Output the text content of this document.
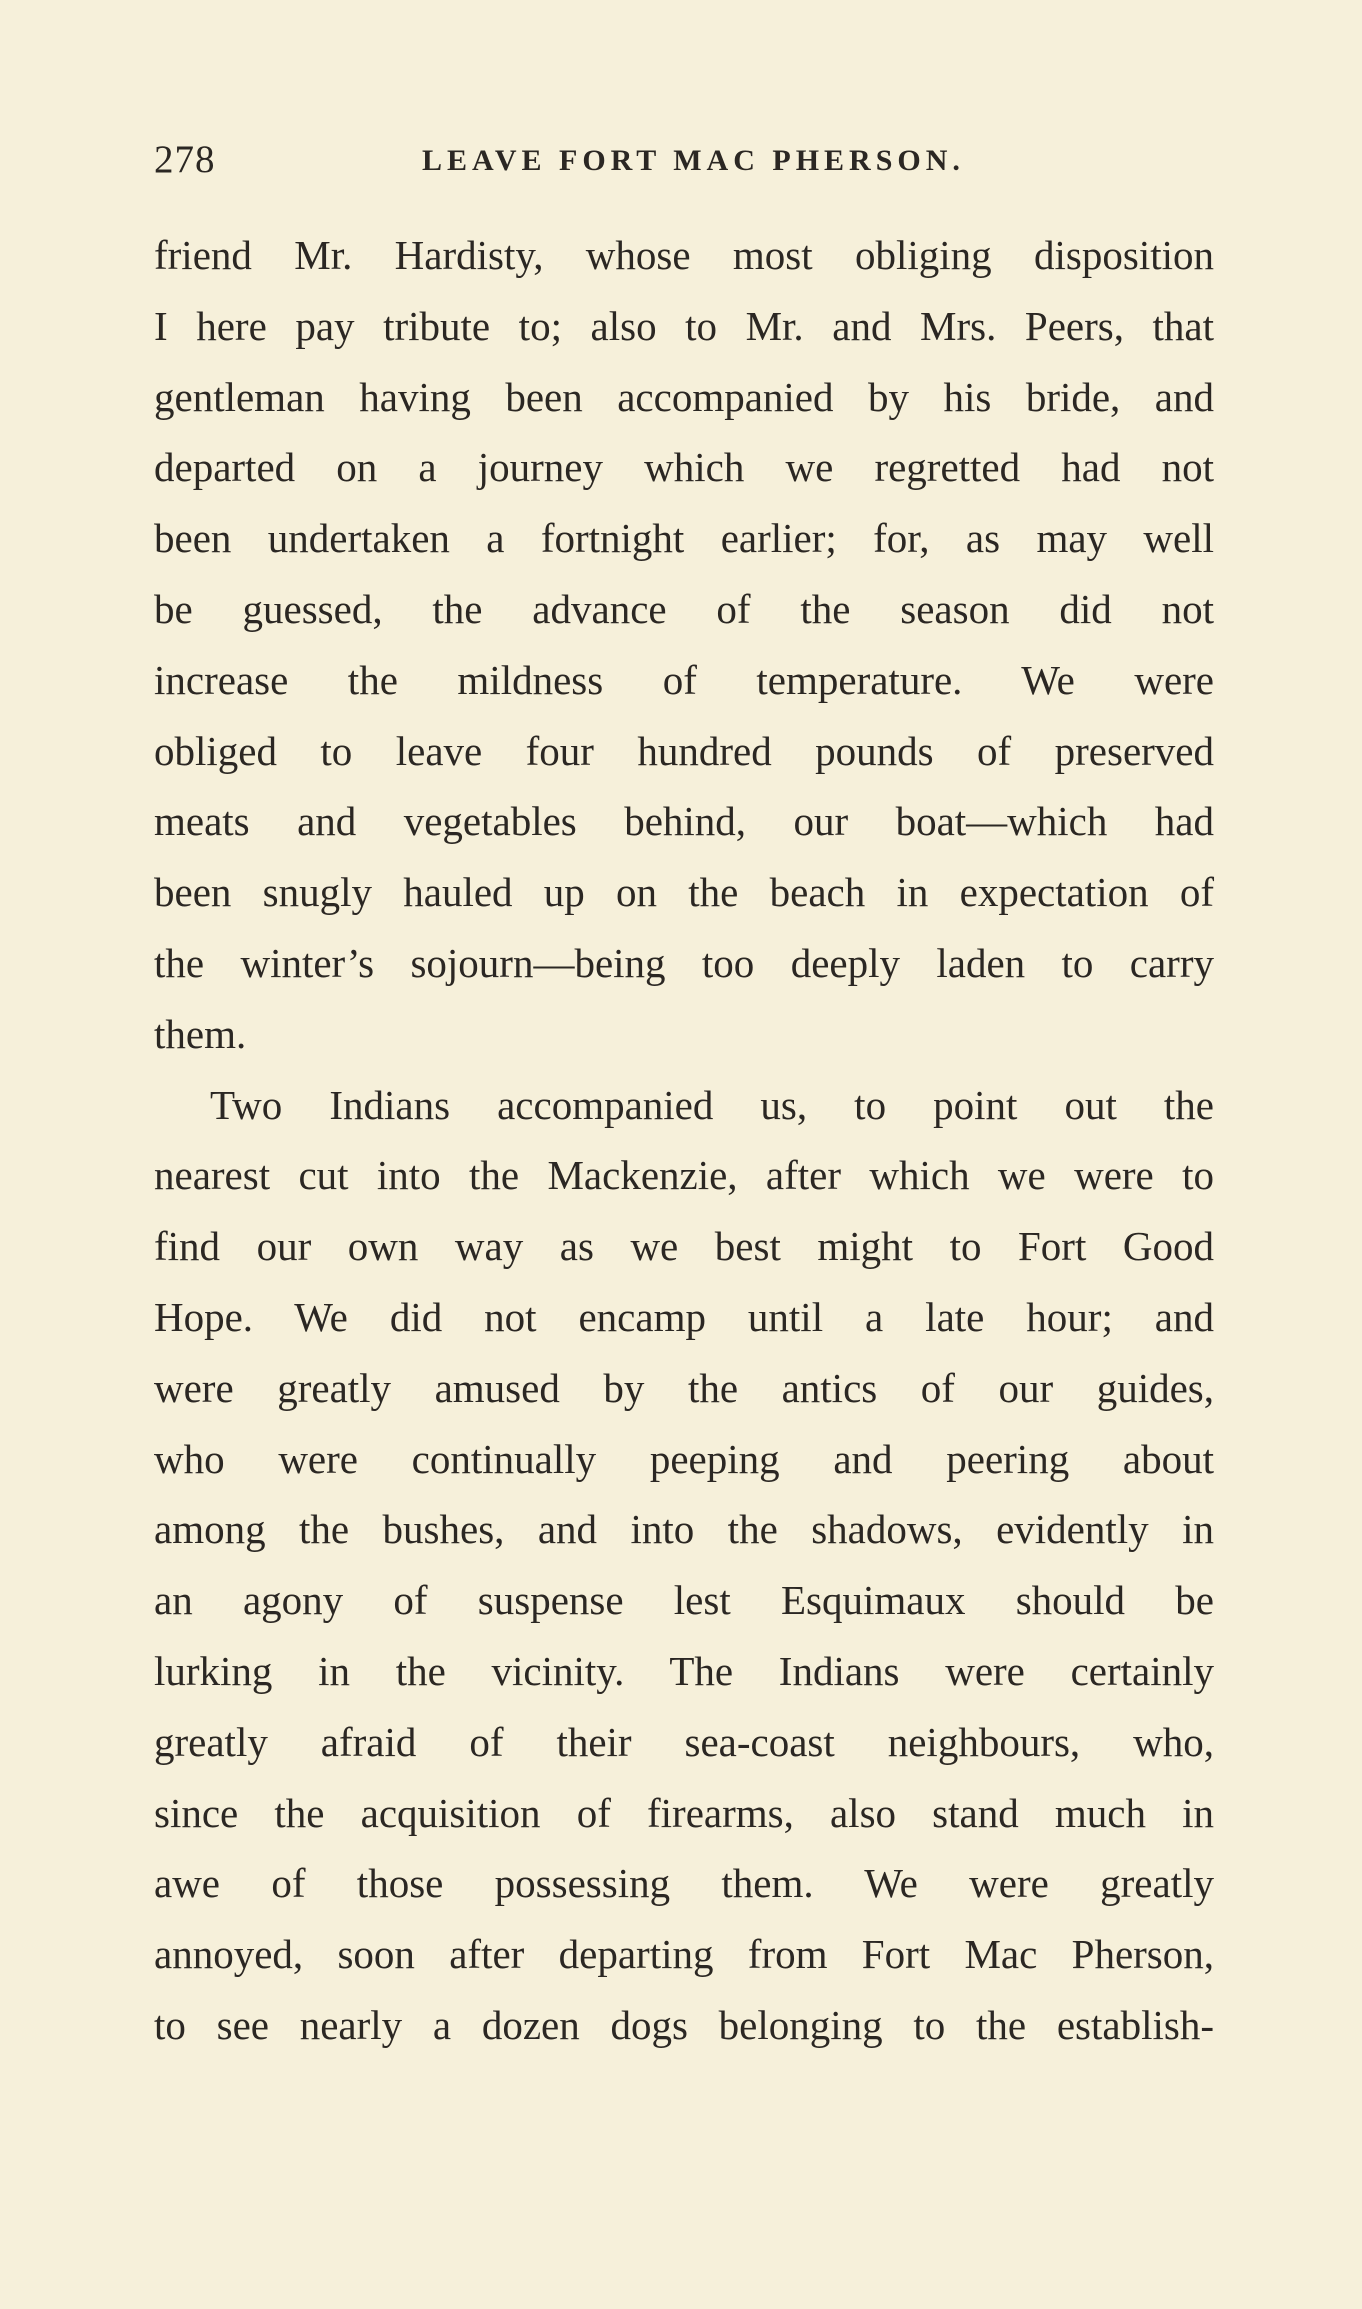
278	LEAVE FORT MAC PHERSON.
friend Mr. Hardisty, whose most obliging disposition
I here pay tribute to; also to Mr. and Mrs. Peers, that
gentleman having been accompanied by his bride, and
departed on a journey which we regretted had not
been undertaken a fortnight earlier; for, as may well
be guessed, the advance of the season did not
increase the mildness of temperature. We were
obliged to leave four hundred pounds of preserved
meats and vegetables behind, our boat—which had
been snugly hauled up on the beach in expectation of
the winter’s sojourn—being too deeply laden to carry
them.
Two Indians accompanied us, to point out the
nearest cut into the Mackenzie, after which we were to
find our own way as we best might to Fort Good
Hope. We did not encamp until a late hour; and
were greatly amused by the antics of our guides,
who were continually peeping and peering about
among the bushes, and into the shadows, evidently in
an agony of suspense lest Esquimaux should be
lurking in the vicinity. The Indians were certainly
greatly afraid of their sea-coast neighbours, who,
since the acquisition of firearms, also stand much in
awe of those possessing them. We were greatly
annoyed, soon after departing from Fort Mac Pherson,
to see nearly a dozen dogs belonging to the establish-
